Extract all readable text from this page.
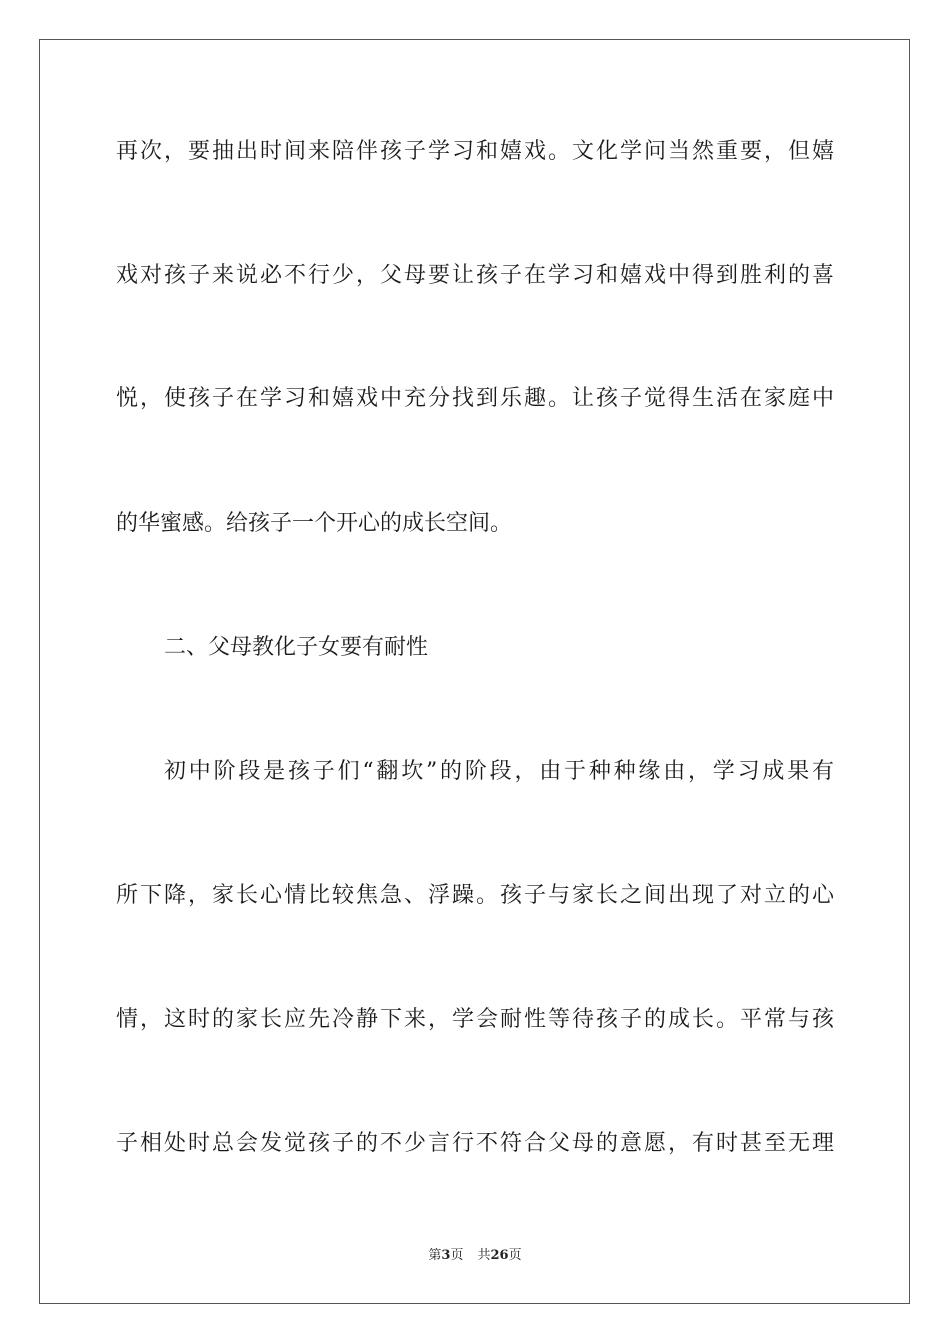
再次，要抽出时间来陪伴孩子学习和嬉戏。文化学问当然重要，但嬉
戏对孩子来说必不行少，父母要让孩子在学习和嬉戏中得到胜利的喜
悦，使孩子在学习和嬉戏中充分找到乐趣。让孩子觉得生活在家庭中
的华蜜感。给孩子一个开心的成长空间。
二、父母教化子女要有耐性
初中阶段是孩子们“翻坎”的阶段，由于种种缘由，学习成果有
所下降，家长心情比较焦急、浮躁。孩子与家长之间出现了对立的心
情，这时的家长应先冷静下来，学会耐性等待孩子的成长。平常与孩
子相处时总会发觉孩子的不少言行不符合父母的意愿，有时甚至无理
第3页 共26页
